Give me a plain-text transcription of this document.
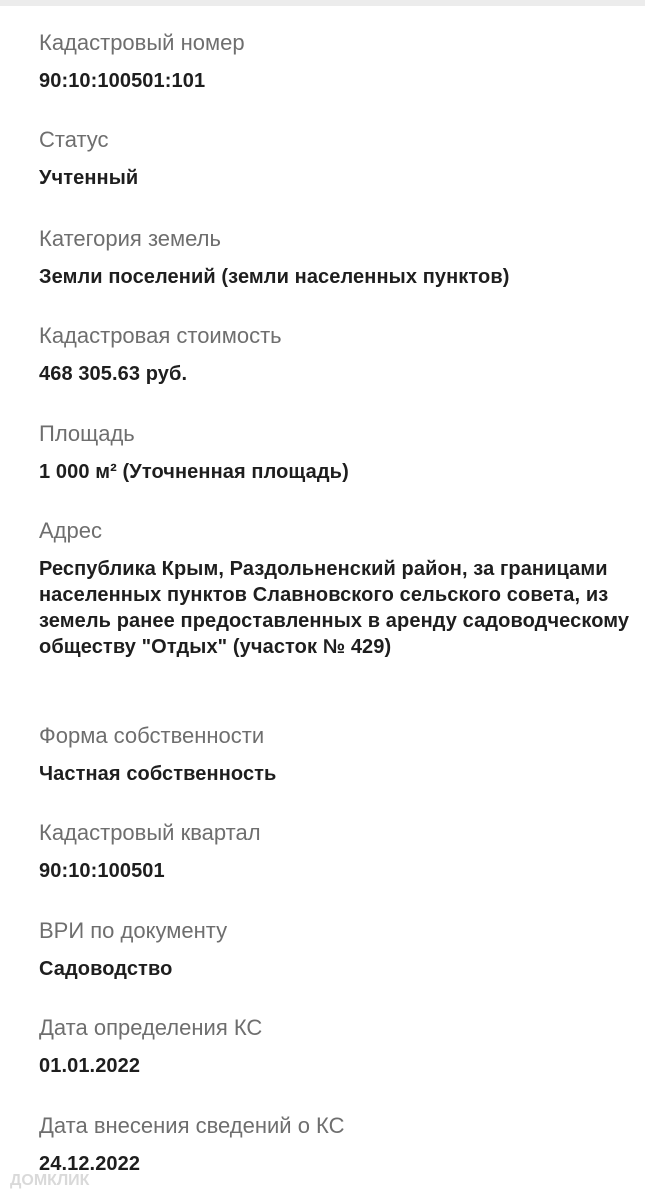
Кадастровый номер
90:10:100501:101
Статус
Учтенный
Категория земель
Земли поселений (земли населенных пунктов)
Кадастровая стоимость
468 305.63 руб.
Площадь
1 000 м² (Уточненная площадь)
Адрес
Республика Крым, Раздольненский район, за границами населенных пунктов Славновского сельского совета, из земель ранее предоставленных в аренду садоводческому обществу "Отдых" (участок № 429)
Форма собственности
Частная собственность
Кадастровый квартал
90:10:100501
ВРИ по документу
Садоводство
Дата определения КС
01.01.2022
Дата внесения сведений о КС
24.12.2022
ДОМКЛИК
